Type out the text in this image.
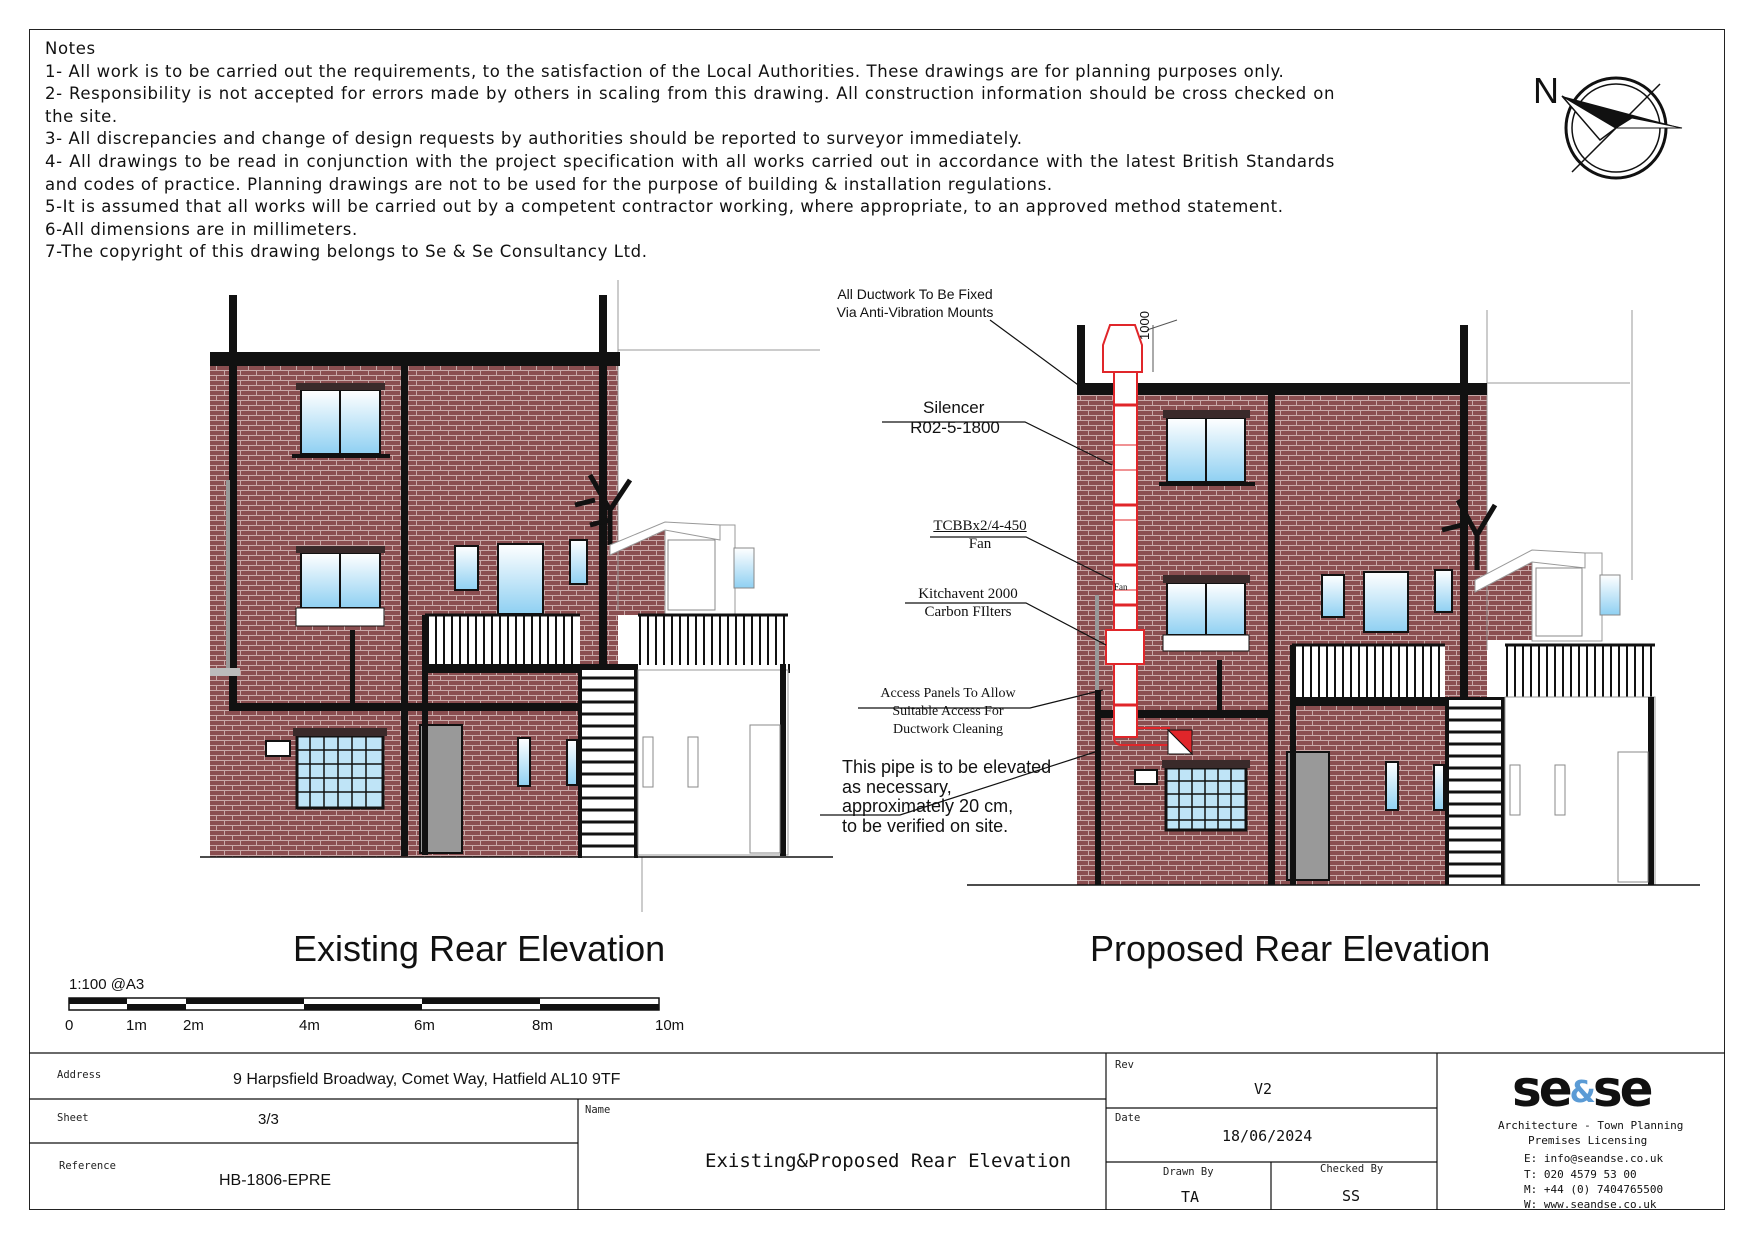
Notes
1- All work is to be carried out the requirements, to the satisfaction of the Local Authorities. These drawings are for planning purposes only.
2- Responsibility is not accepted for errors made by others in scaling from this drawing. All construction information should be cross checked on the site.
3- All discrepancies and change of design requests by authorities should be reported to surveyor immediately.
4- All drawings to be read in conjunction with the project specification with all works carried out in accordance with the latest British Standards and codes of practice. Planning drawings are not to be used for the purpose of building & installation regulations.
5-It is assumed that all works will be carried out by a competent contractor working, where appropriate, to an approved method statement.
6-All dimensions are in millimeters.
7-The copyright of this drawing belongs to Se & Se Consultancy Ltd.
N
All Ductwork To Be Fixed
Via Anti-Vibration Mounts
Silencer
R02-5-1800
TCBBx2/4-450
Fan
Kitchavent 2000
Carbon FIlters
Access Panels To Allow
Suitable Access For
Ductwork Cleaning
This pipe is to be elevated
as necessary,
approximately 20 cm,
to be verified on site.
Fan
1000
Existing Rear Elevation	Proposed Rear Elevation
1:100 @A3
0	1m 2m	4m	6m	8m	10m
Address	9 Harpsfield Broadway, Comet Way, Hatfield AL10 9TF
Sheet	3/3
Reference
HB-1806-EPRE
Name
Existing&Proposed Rear Elevation
Rev
V2
Date
18/06/2024
Drawn By
TA
Checked By
SS
se&se
Architecture - Town Planning
Premises Licensing
E: info@seandse.co.uk
T: 020 4579 53 00
M: +44 (0) 7404765500
W: www.seandse.co.uk
